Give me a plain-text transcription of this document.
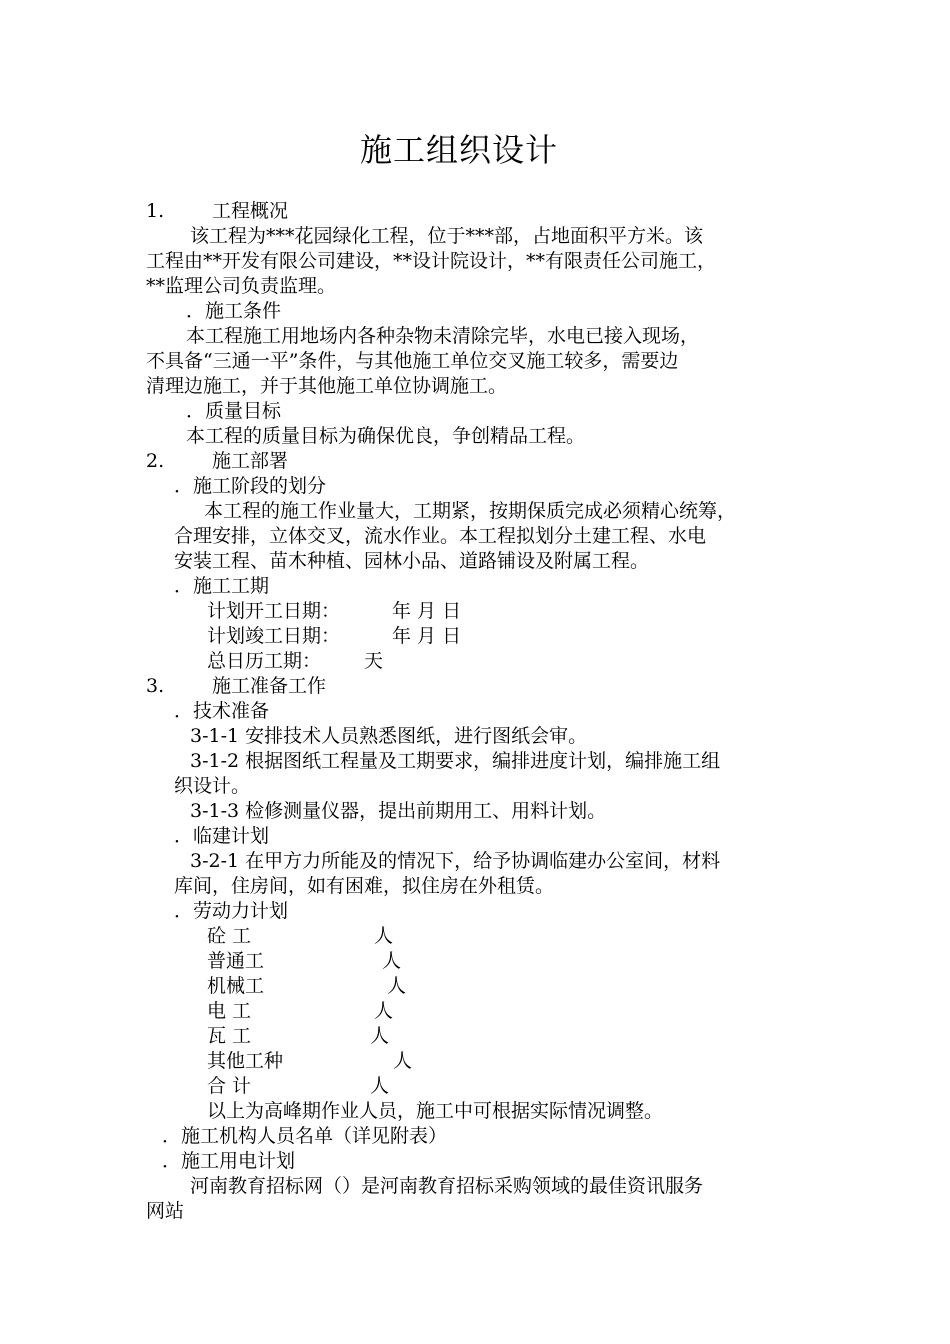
施工组织设计
1.	工程概况
该工程为***花园绿化工程，位于***部，占地面积平方米。该
工程由**开发有限公司建设，**设计院设计，**有限责任公司施工，
**监理公司负责监理。
．施工条件
本工程施工用地场内各种杂物未清除完毕，水电已接入现场，
不具备“三通一平”条件，与其他施工单位交叉施工较多，需要边
清理边施工，并于其他施工单位协调施工。
．质量目标
本工程的质量目标为确保优良，争创精品工程。
2.	施工部署
．施工阶段的划分
本工程的施工作业量大，工期紧，按期保质完成必须精心统筹，
合理安排，立体交叉，流水作业。本工程拟划分土建工程、水电
安装工程、苗木种植、园林小品、道路铺设及附属工程。
．施工工期
计划开工日期：	年 月 日
计划竣工日期：	年 月 日
总日历工期： 天
3.	施工准备工作
．技术准备
3-1-1 安排技术人员熟悉图纸，进行图纸会审。
3-1-2 根据图纸工程量及工期要求，编排进度计划，编排施工组
织设计。
3-1-3 检修测量仪器，提出前期用工、用料计划。
．临建计划
3-2-1 在甲方力所能及的情况下，给予协调临建办公室间，材料
库间，住房间，如有困难，拟住房在外租赁。
．劳动力计划
砼 工	人
普通工	人
机械工	人
电 工	人
瓦 工	人
其他工种	人
合 计	人
以上为高峰期作业人员，施工中可根据实际情况调整。
．施工机构人员名单（详见附表）
．施工用电计划
河南教育招标网（）是河南教育招标采购领域的最佳资讯服务
网站
